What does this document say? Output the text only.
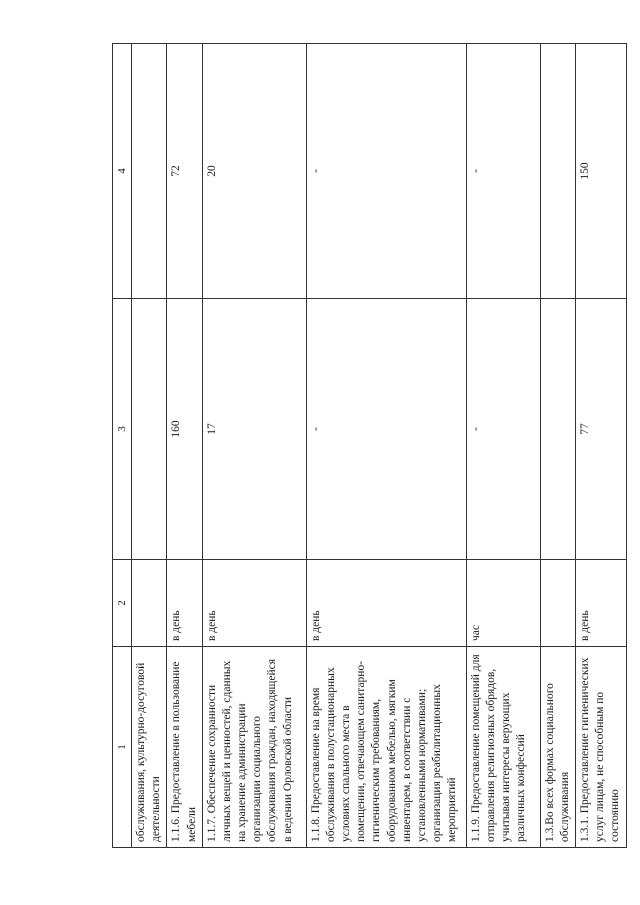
1	2	3	4

обслуживания, культурно-досуговой деятельности			

1.1.6. Предоставление в пользование мебели	в день	160	72

1.1.7. Обеспечение сохранности личных вещей и ценностей, сданных на хранение администрации организации социального обслуживания граждан, находящейся в ведении Орловской области	в день	17	20

1.1.8. Предоставление на время обслуживания в полустационарных условиях спального места в помещении, отвечающем санитарно-гигиеническим требованиям, оборудованном мебелью, мягким инвентарем, в соответствии с установленными нормативами; организация реабилитационных мероприятий	в день	-	-

1.1.9. Предоставление помещений для отправления религиозных обрядов, учитывая интересы верующих различных конфессий	час	-	-

1.3.Во всех формах социального обслуживания			

1.3.1. Предоставление гигиенических услуг лицам, не способным по состоянию	в день	77	150
